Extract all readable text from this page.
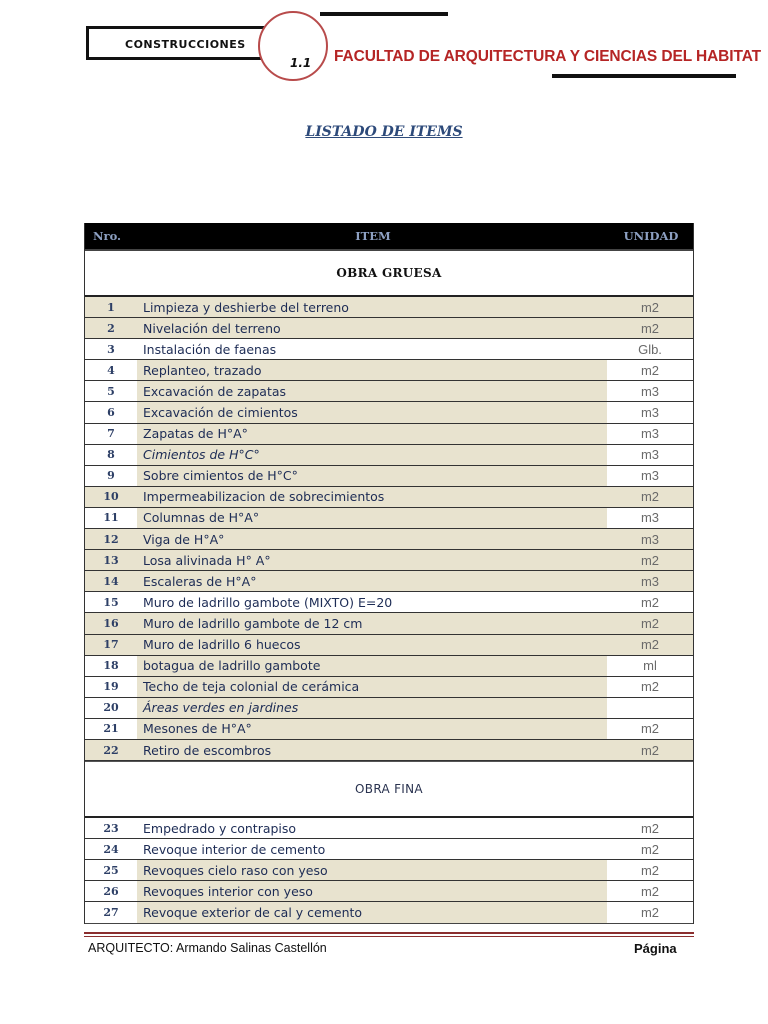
CONSTRUCCIONES
1.1 FACULTAD DE ARQUITECTURA Y CIENCIAS DEL HABITAT
LISTADO DE ITEMS
Nro.	ITEM	UNIDAD
OBRA GRUESA
1	Limpieza y deshierbe del terreno	m2
2	Nivelación del terreno	m2
3	Instalación de faenas	Glb.
4	Replanteo, trazado	m2
5	Excavación de zapatas	m3
6	Excavación de cimientos	m3
7	Zapatas de H°A°	m3
8	Cimientos de H°C°	m3
9	Sobre cimientos de H°C°	m3
10	Impermeabilizacion de sobrecimientos	m2
11	Columnas de H°A°	m3
12	Viga de H°A°	m3
13	Losa alivinada H° A°	m2
14	Escaleras de H°A°	m3
15	Muro de ladrillo gambote (MIXTO) E=20	m2
16	Muro de ladrillo gambote de 12 cm	m2
17	Muro de ladrillo 6 huecos	m2
18	botagua de ladrillo gambote	ml
19	Techo de teja colonial de cerámica	m2
20	Áreas verdes en jardines
21	Mesones de H°A°	m2
22	Retiro de escombros	m2
OBRA FINA
23	Empedrado y contrapiso	m2
24	Revoque interior de cemento	m2
25	Revoques cielo raso con yeso	m2
26	Revoques interior con yeso	m2
27	Revoque exterior de cal y cemento	m2
ARQUITECTO: Armando Salinas Castellón	Página
